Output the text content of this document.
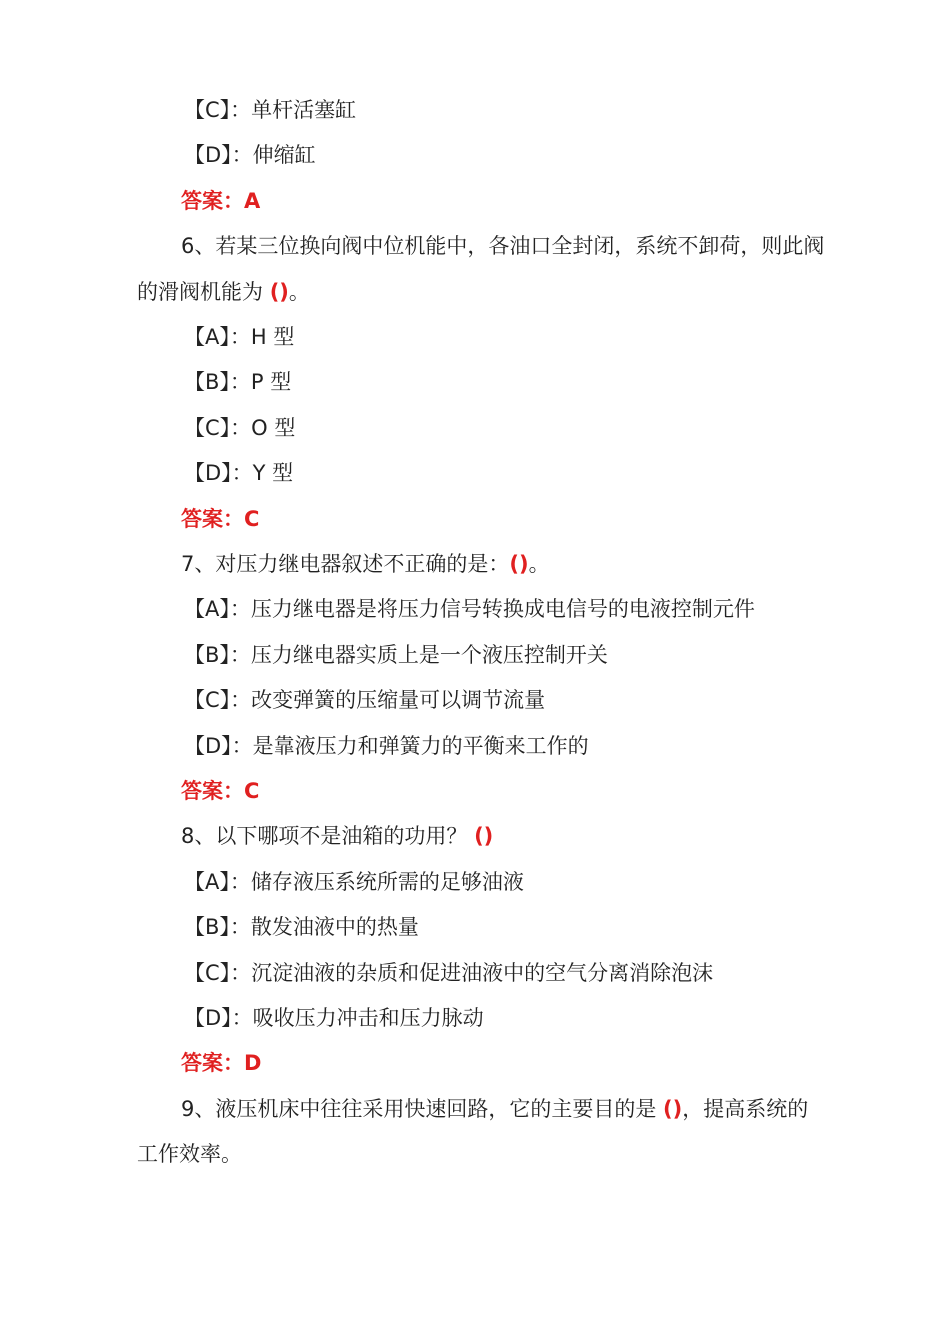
【C】：单杆活塞缸
【D】：伸缩缸
答案：A
6、若某三位换向阀中位机能中，各油口全封闭，系统不卸荷，则此阀
的滑阀机能为 ()。
【A】：H 型
【B】：P 型
【C】：O 型
【D】：Y 型
答案：C
7、对压力继电器叙述不正确的是：()。
【A】：压力继电器是将压力信号转换成电信号的电液控制元件
【B】：压力继电器实质上是一个液压控制开关
【C】：改变弹簧的压缩量可以调节流量
【D】：是靠液压力和弹簧力的平衡来工作的
答案：C
8、以下哪项不是油箱的功用？ ()
【A】：储存液压系统所需的足够油液
【B】：散发油液中的热量
【C】：沉淀油液的杂质和促进油液中的空气分离消除泡沫
【D】：吸收压力冲击和压力脉动
答案：D
9、液压机床中往往采用快速回路，它的主要目的是 ()，提高系统的
工作效率。
